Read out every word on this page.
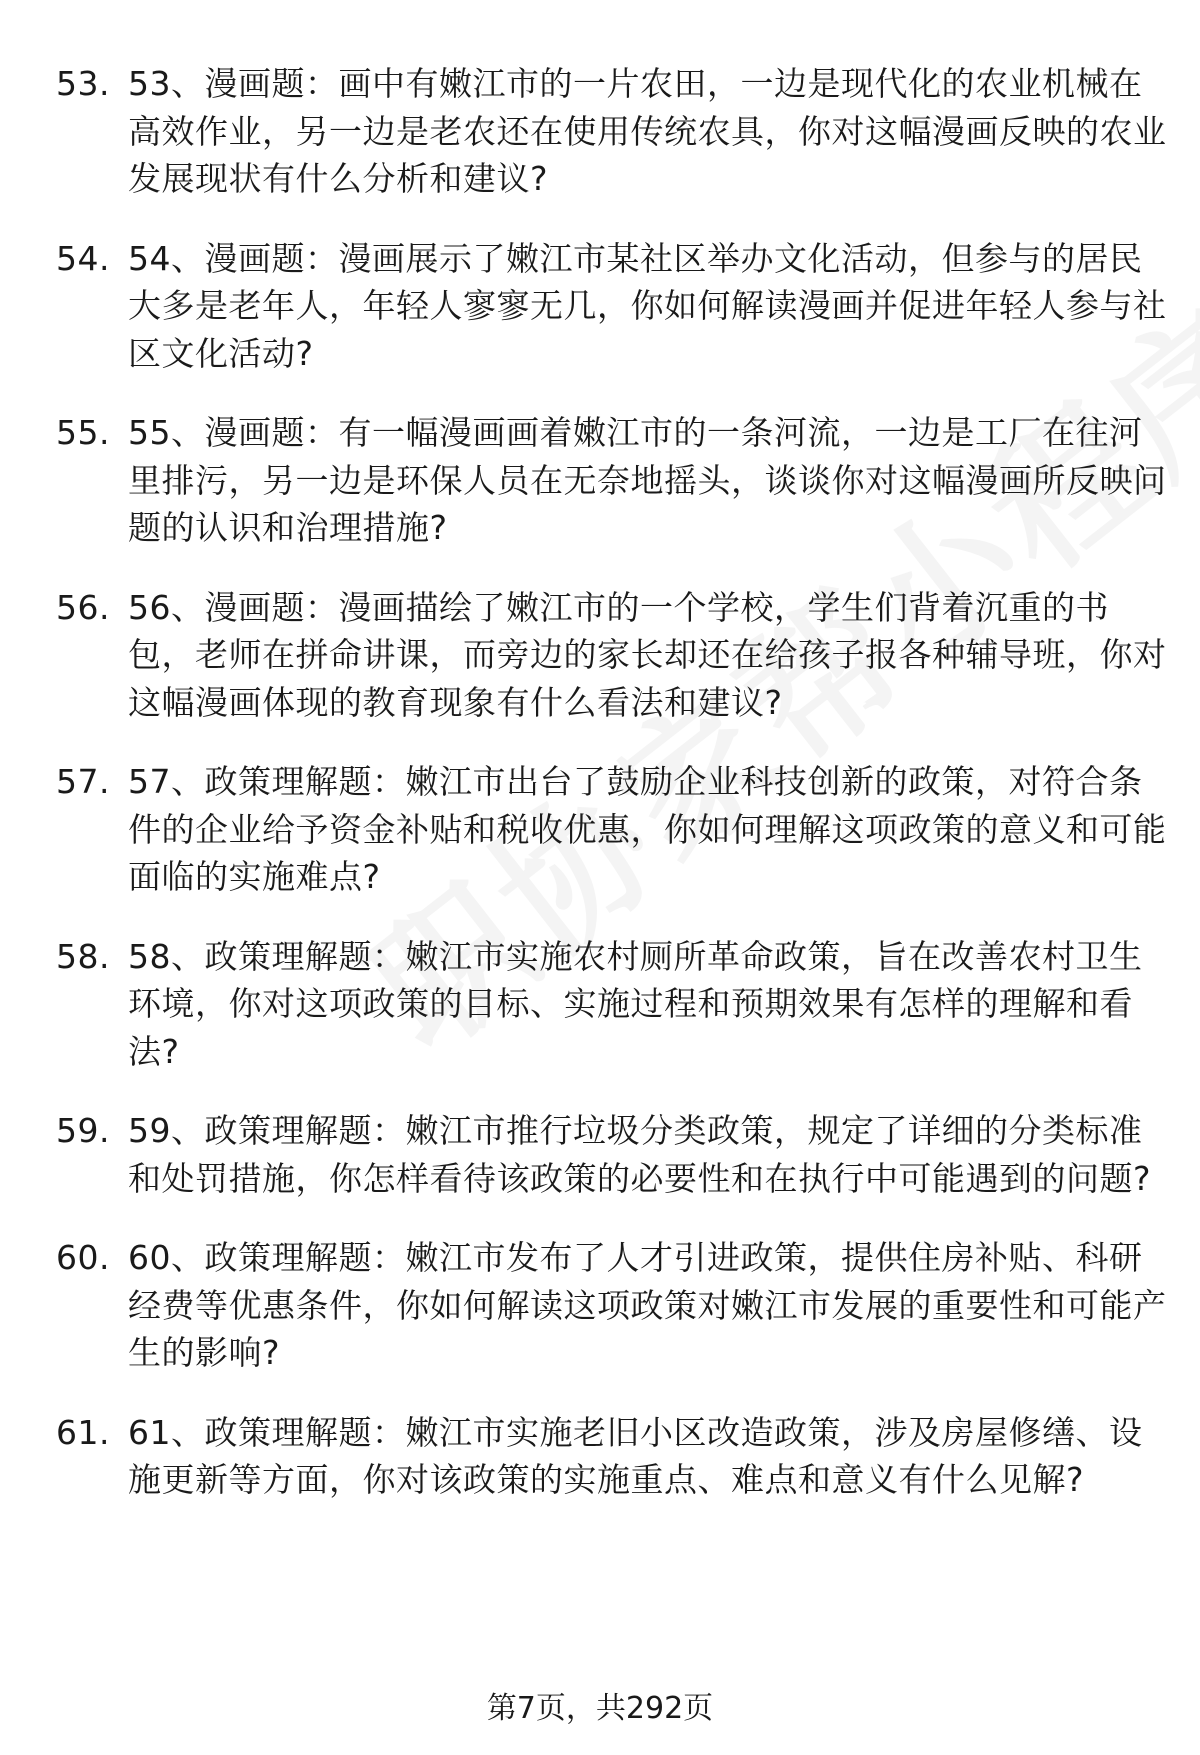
53. 53、漫画题：画中有嫩江市的一片农田，一边是现代化的农业机械在高效作业，另一边是老农还在使用传统农具，你对这幅漫画反映的农业发展现状有什么分析和建议?
54. 54、漫画题：漫画展示了嫩江市某社区举办文化活动，但参与的居民大多是老年人，年轻人寥寥无几，你如何解读漫画并促进年轻人参与社区文化活动?
55. 55、漫画题：有一幅漫画画着嫩江市的一条河流，一边是工厂在往河里排污，另一边是环保人员在无奈地摇头，谈谈你对这幅漫画所反映问题的认识和治理措施?
56. 56、漫画题：漫画描绘了嫩江市的一个学校，学生们背着沉重的书包，老师在拼命讲课，而旁边的家长却还在给孩子报各种辅导班，你对这幅漫画体现的教育现象有什么看法和建议?
57. 57、政策理解题：嫩江市出台了鼓励企业科技创新的政策，对符合条件的企业给予资金补贴和税收优惠，你如何理解这项政策的意义和可能面临的实施难点?
58. 58、政策理解题：嫩江市实施农村厕所革命政策，旨在改善农村卫生环境，你对这项政策的目标、实施过程和预期效果有怎样的理解和看法?
59. 59、政策理解题：嫩江市推行垃圾分类政策，规定了详细的分类标准和处罚措施，你怎样看待该政策的必要性和在执行中可能遇到的问题?
60. 60、政策理解题：嫩江市发布了人才引进政策，提供住房补贴、科研经费等优惠条件，你如何解读这项政策对嫩江市发展的重要性和可能产生的影响?
61. 61、政策理解题：嫩江市实施老旧小区改造政策，涉及房屋修缮、设施更新等方面，你对该政策的实施重点、难点和意义有什么见解?
第7页，共292页
